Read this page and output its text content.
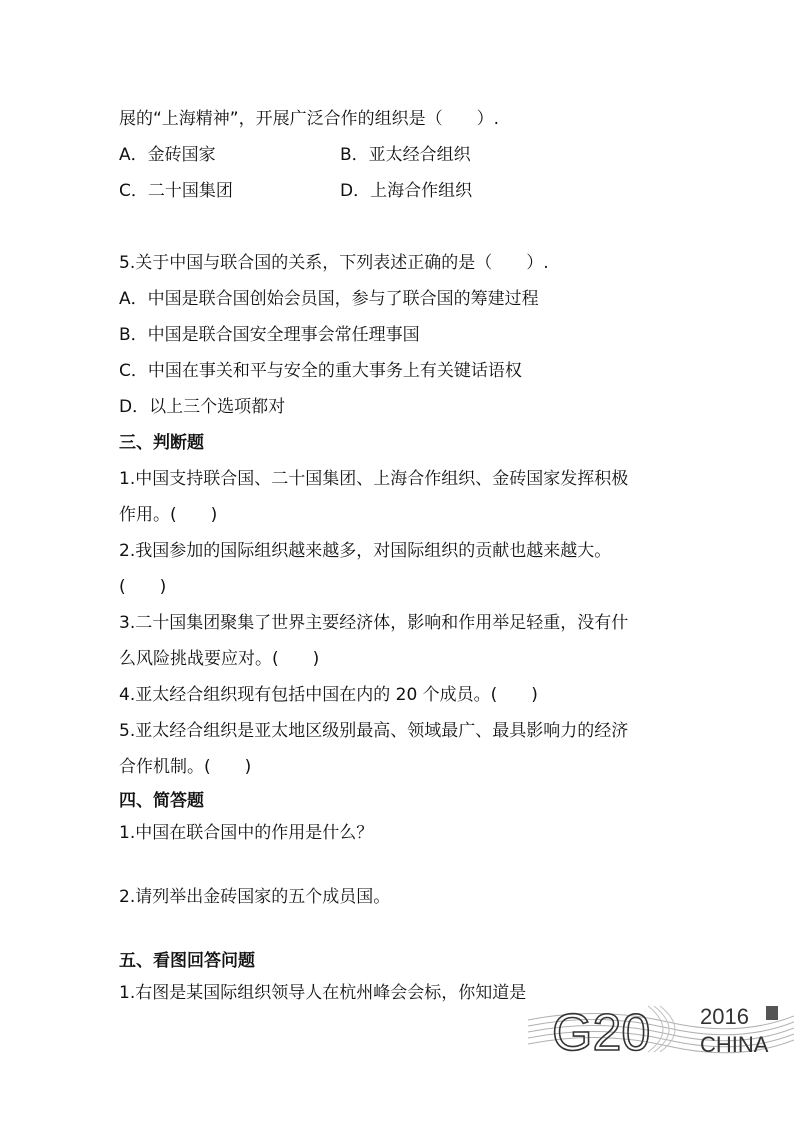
展的“上海精神”，开展广泛合作的组织是（　　）.
A．金砖国家	B．亚太经合组织
C．二十国集团	D．上海合作组织
5.关于中国与联合国的关系，下列表述正确的是（　　）.
A．中国是联合国创始会员国，参与了联合国的筹建过程
B．中国是联合国安全理事会常任理事国
C．中国在事关和平与安全的重大事务上有关键话语权
D．以上三个选项都对
三、判断题
1.中国支持联合国、二十国集团、上海合作组织、金砖国家发挥积极
作用。(　　)
2.我国参加的国际组织越来越多，对国际组织的贡献也越来越大。
(　　)
3.二十国集团聚集了世界主要经济体，影响和作用举足轻重，没有什
么风险挑战要应对。(　　)
4.亚太经合组织现有包括中国在内的 20 个成员。(　　)
5.亚太经合组织是亚太地区级别最高、领域最广、最具影响力的经济
合作机制。(　　)
四、简答题
1.中国在联合国中的作用是什么？
2.请列举出金砖国家的五个成员国。
五、看图回答问题
1.右图是某国际组织领导人在杭州峰会会标，你知道是
G20 2016
CHINA
